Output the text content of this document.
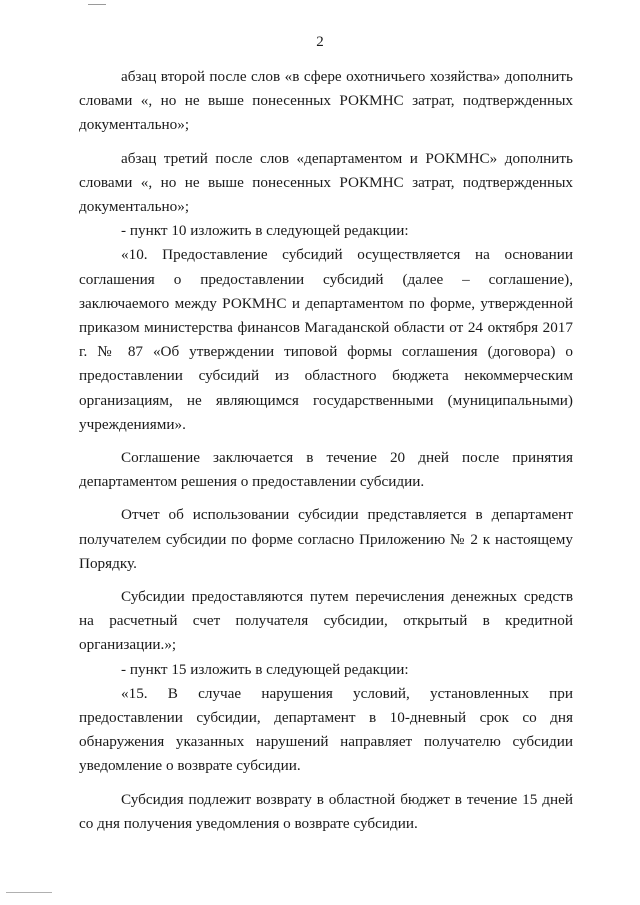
2

абзац второй после слов «в сфере охотничьего хозяйства» дополнить словами «, но не выше понесенных РОКМНС затрат, подтвержденных документально»;

абзац третий после слов «департаментом и РОКМНС» дополнить словами «, но не выше понесенных РОКМНС затрат, подтвержденных документально»;

- пункт 10 изложить в следующей редакции:

«10. Предоставление субсидий осуществляется на основании соглашения о предоставлении субсидий (далее – соглашение), заключаемого между РОКМНС и департаментом по форме, утвержденной приказом министерства финансов Магаданской области от 24 октября 2017 г. № 87 «Об утверждении типовой формы соглашения (договора) о предоставлении субсидий из областного бюджета некоммерческим организациям, не являющимся государственными (муниципальными) учреждениями».

Соглашение заключается в течение 20 дней после принятия департаментом решения о предоставлении субсидии.

Отчет об использовании субсидии представляется в департамент получателем субсидии по форме согласно Приложению № 2 к настоящему Порядку.

Субсидии предоставляются путем перечисления денежных средств на расчетный счет получателя субсидии, открытый в кредитной организации.»;

- пункт 15 изложить в следующей редакции:

«15. В случае нарушения условий, установленных при предоставлении субсидии, департамент в 10-дневный срок со дня обнаружения указанных нарушений направляет получателю субсидии уведомление о возврате субсидии.

Субсидия подлежит возврату в областной бюджет в течение 15 дней со дня получения уведомления о возврате субсидии.
